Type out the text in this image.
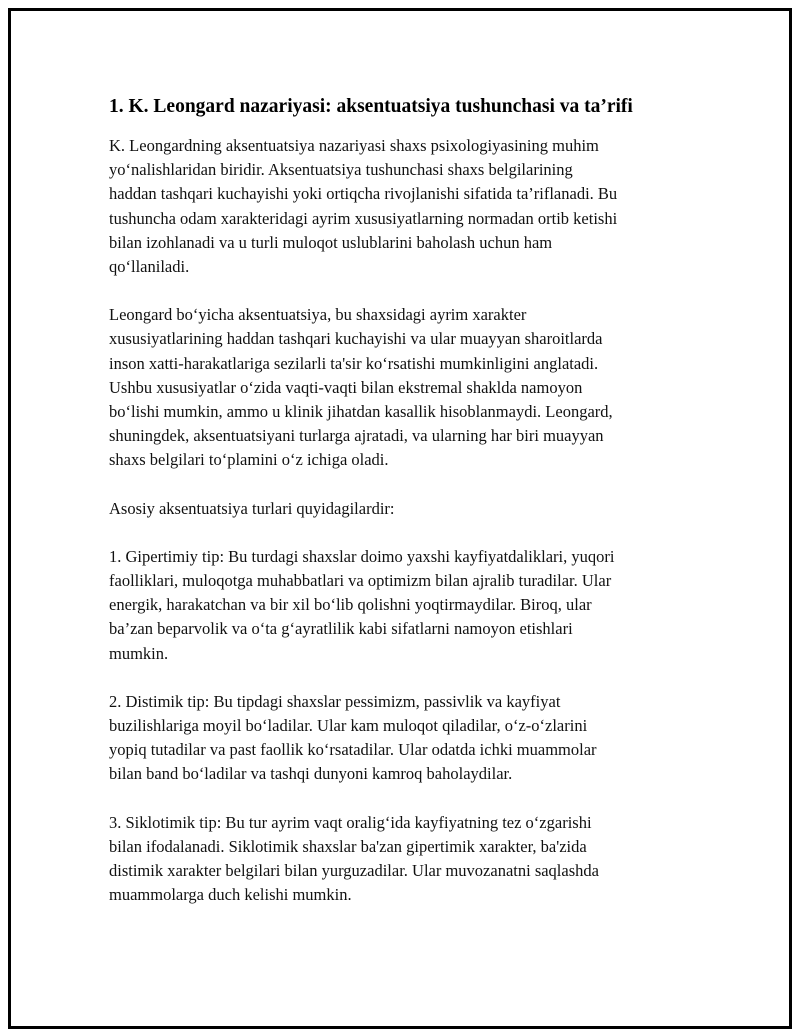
1. K. Leongard nazariyasi: aksentuatsiya tushunchasi va ta’rifi

K. Leongardning aksentuatsiya nazariyasi shaxs psixologiyasining muhim
yo‘nalishlaridan biridir. Aksentuatsiya tushunchasi shaxs belgilarining
haddan tashqari kuchayishi yoki ortiqcha rivojlanishi sifatida ta’riflanadi. Bu
tushuncha odam xarakteridagi ayrim xususiyatlarning normadan ortib ketishi
bilan izohlanadi va u turli muloqot uslublarini baholash uchun ham
qo‘llaniladi.

Leongard bo‘yicha aksentuatsiya, bu shaxsidagi ayrim xarakter
xususiyatlarining haddan tashqari kuchayishi va ular muayyan sharoitlarda
inson xatti-harakatlariga sezilarli ta'sir ko‘rsatishi mumkinligini anglatadi.
Ushbu xususiyatlar o‘zida vaqti-vaqti bilan ekstremal shaklda namoyon
bo‘lishi mumkin, ammo u klinik jihatdan kasallik hisoblanmaydi. Leongard,
shuningdek, aksentuatsiyani turlarga ajratadi, va ularning har biri muayyan
shaxs belgilari to‘plamini o‘z ichiga oladi.

Asosiy aksentuatsiya turlari quyidagilardir:

1. Gipertimiy tip: Bu turdagi shaxslar doimo yaxshi kayfiyatdaliklari, yuqori
faolliklari, muloqotga muhabbatlari va optimizm bilan ajralib turadilar. Ular
energik, harakatchan va bir xil bo‘lib qolishni yoqtirmaydilar. Biroq, ular
ba’zan beparvolik va o‘ta g‘ayratlilik kabi sifatlarni namoyon etishlari
mumkin.

2. Distimik tip: Bu tipdagi shaxslar pessimizm, passivlik va kayfiyat
buzilishlariga moyil bo‘ladilar. Ular kam muloqot qiladilar, o‘z-o‘zlarini
yopiq tutadilar va past faollik ko‘rsatadilar. Ular odatda ichki muammolar
bilan band bo‘ladilar va tashqi dunyoni kamroq baholaydilar.

3. Siklotimik tip: Bu tur ayrim vaqt oralig‘ida kayfiyatning tez o‘zgarishi
bilan ifodalanadi. Siklotimik shaxslar ba'zan gipertimik xarakter, ba'zida
distimik xarakter belgilari bilan yurguzadilar. Ular muvozanatni saqlashda
muammolarga duch kelishi mumkin.
